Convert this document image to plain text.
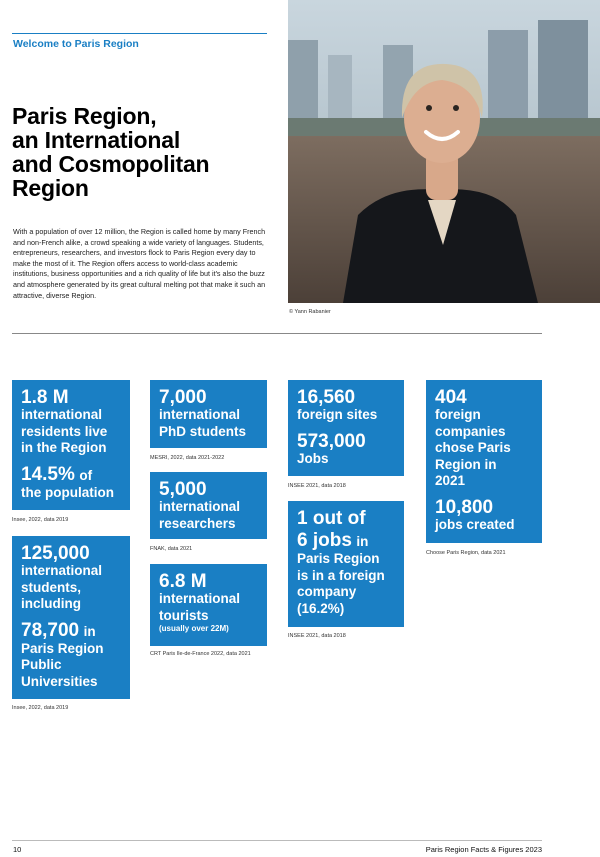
Welcome to Paris Region
Paris Region,
an International
and Cosmopolitan
Region

With a population of over 12 million, the Region is called home by many French and non-French alike, a crowd speaking a wide variety of languages. Students, entrepreneurs, researchers, and investors flock to Paris Region every day to make the most of it. The Region offers access to world-class academic institutions, business opportunities and a rich quality of life but it's also the buzz and atmosphere generated by its great cultural melting pot that make it such an attractive, diverse Region.

© Yann Rabanier
1.8 M
international
residents live
in the Region
14.5% of
the population
Insee, 2022, data 2019
125,000
international
students,
including
78,700 in
Paris Region
Public
Universities
Insee, 2022, data 2019
7,000
international
PhD students
MESRI, 2022, data 2021-2022
5,000
international
researchers
FNAK, data 2021
6.8 M
international
tourists
(usually over 22M)
CRT Paris Ile-de-France 2022, data 2021
16,560
foreign sites
573,000
Jobs
INSEE 2021, data 2018
1 out of
6 jobs in
Paris Region
is in a foreign
company
(16.2%)
INSEE 2021, data 2018
404
foreign
companies
chose Paris
Region in
2021
10,800
jobs created
Choose Paris Region, data 2021
10	Paris Region Facts & Figures 2023
